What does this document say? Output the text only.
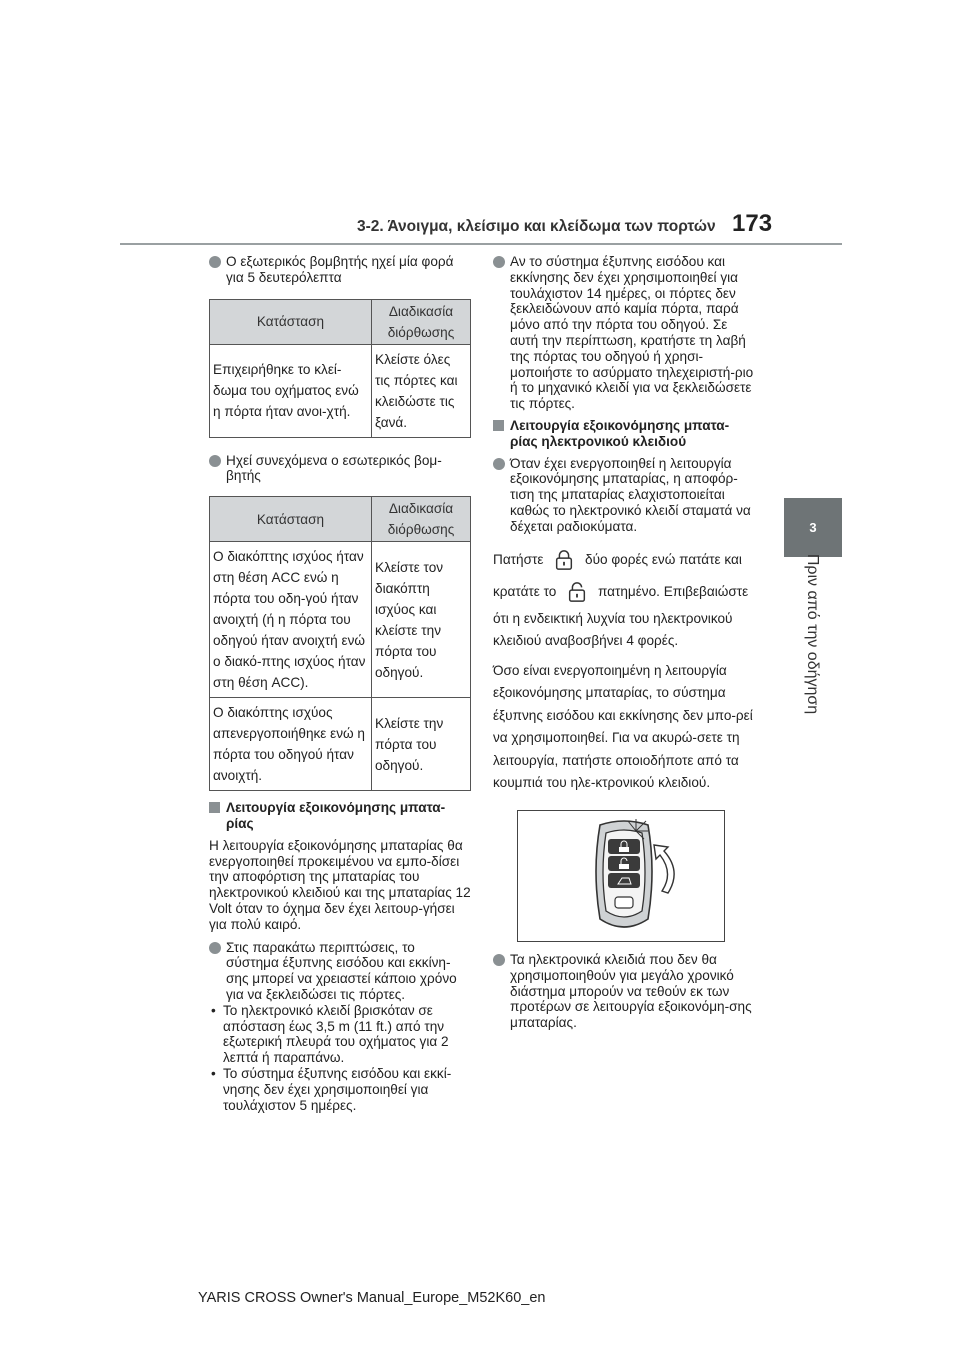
3-2. Άνοιγμα, κλείσιμο και κλείδωμα των πορτών 173
3
Πριν από την οδήγηση

Ο εξωτερικός βομβητής ηχεί μία φορά για 5 δευτερόλεπτα

Κατάσταση	Διαδικασία διόρθωσης
Επιχειρήθηκε το κλεί-δωμα του οχήματος ενώ η πόρτα ήταν ανοι-χτή.	Κλείστε όλες τις πόρτες και κλειδώστε τις ξανά.

Ηχεί συνεχόμενα ο εσωτερικός βομ-βητής

Κατάσταση	Διαδικασία διόρθωσης
Ο διακόπτης ισχύος ήταν στη θέση ACC ενώ η πόρτα του οδη-γού ήταν ανοιχτή (ή η πόρτα του οδηγού ήταν ανοιχτή ενώ ο διακό-πτης ισχύος ήταν στη θέση ACC).	Κλείστε τον διακόπτη ισχύος και κλείστε την πόρτα του οδηγού.
Ο διακόπτης ισχύος απενεργοποιήθηκε ενώ η πόρτα του οδηγού ήταν ανοιχτή.	Κλείστε την πόρτα του οδηγού.

Λειτουργία εξοικονόμησης μπατα-ρίας

Η λειτουργία εξοικονόμησης μπαταρίας θα ενεργοποιηθεί προκειμένου να εμπο-δίσει την αποφόρτιση της μπαταρίας του ηλεκτρονικού κλειδιού και της μπαταρίας 12 Volt όταν το όχημα δεν έχει λειτουρ-γήσει για πολύ καιρό.

Στις παρακάτω περιπτώσεις, το σύστημα έξυπνης εισόδου και εκκίνη-σης μπορεί να χρειαστεί κάποιο χρόνο για να ξεκλειδώσει τις πόρτες.

• Το ηλεκτρονικό κλειδί βρισκόταν σε απόσταση έως 3,5 m (11 ft.) από την εξωτερική πλευρά του οχήματος για 2 λεπτά ή παραπάνω.

• Το σύστημα έξυπνης εισόδου και εκκί-νησης δεν έχει χρησιμοποιηθεί για τουλάχιστον 5 ημέρες.

Αν το σύστημα έξυπνης εισόδου και εκκίνησης δεν έχει χρησιμοποιηθεί για τουλάχιστον 14 ημέρες, οι πόρτες δεν ξεκλειδώνουν από καμία πόρτα, παρά μόνο από την πόρτα του οδηγού. Σε αυτή την περίπτωση, κρατήστε τη λαβή της πόρτας του οδηγού ή χρησι-μοποιήστε το ασύρματο τηλεχειριστή-ριο ή το μηχανικό κλειδί για να ξεκλειδώσετε τις πόρτες.

Λειτουργία εξοικονόμησης μπατα-ρίας ηλεκτρονικού κλειδιού

Όταν έχει ενεργοποιηθεί η λειτουργία εξοικονόμησης μπαταρίας, η αποφόρ-τιση της μπαταρίας ελαχιστοποιείται καθώς το ηλεκτρονικό κλειδί σταματά να δέχεται ραδιοκύματα.

Πατήστε	δύο φορές ενώ πατάτε και

κρατάτε το	πατημένο. Επιβεβαιώστε

ότι η ενδεικτική λυχνία του ηλεκτρονικού κλειδιού αναβοσβήνει 4 φορές.

Όσο είναι ενεργοποιημένη η λειτουργία εξοικονόμησης μπαταρίας, το σύστημα έξυπνης εισόδου και εκκίνησης δεν μπο-ρεί να χρησιμοποιηθεί. Για να ακυρώ-σετε τη λειτουργία, πατήστε οποιοδήποτε από τα κουμπιά του ηλε-κτρονικού κλειδιού.

Τα ηλεκτρονικά κλειδιά που δεν θα χρησιμοποιηθούν για μεγάλο χρονικό διάστημα μπορούν να τεθούν εκ των προτέρων σε λειτουργία εξοικονόμη-σης μπαταρίας.

YARIS CROSS Owner's Manual_Europe_M52K60_en
